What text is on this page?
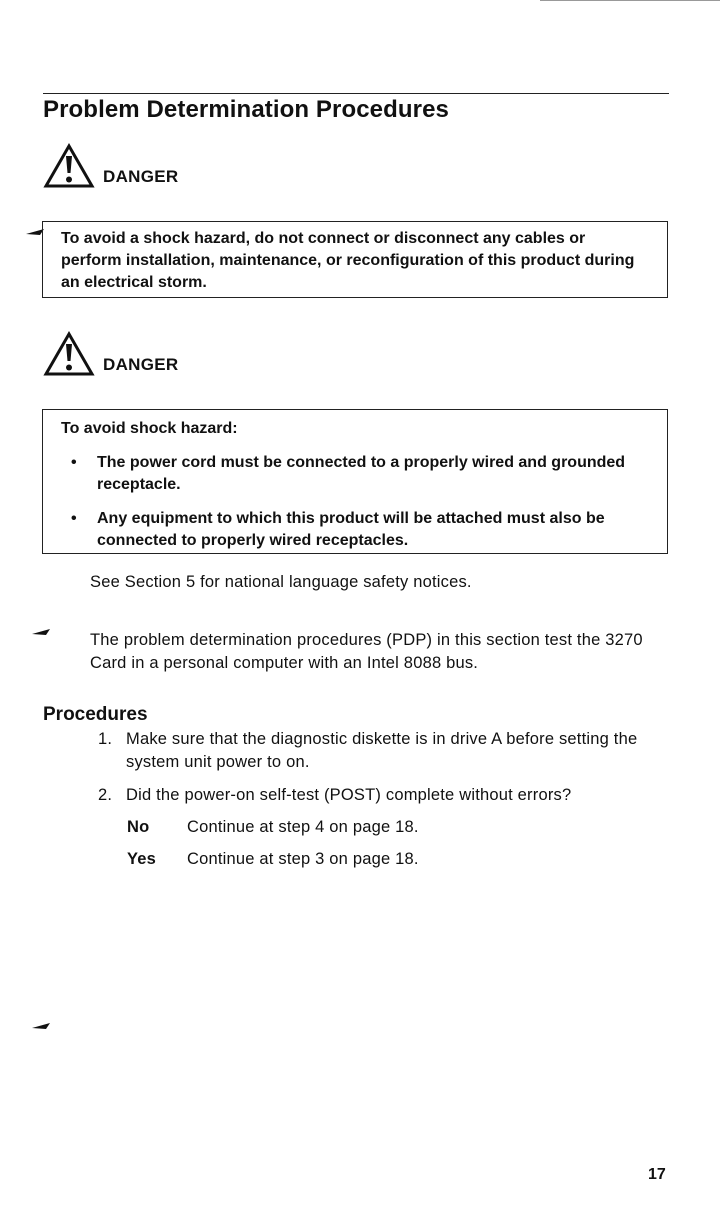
Problem Determination Procedures
DANGER
To avoid a shock hazard, do not connect or disconnect any cables or perform installation, maintenance, or reconfiguration of this product during an electrical storm.
DANGER
To avoid shock hazard:
•	The power cord must be connected to a properly wired and grounded receptacle.
•	Any equipment to which this product will be attached must also be connected to properly wired receptacles.

See Section 5 for national language safety notices.

The problem determination procedures (PDP) in this section test the 3270 Card in a personal computer with an Intel 8088 bus.

Procedures
1. Make sure that the diagnostic diskette is in drive A before setting the system unit power to on.
2. Did the power-on self-test (POST) complete without errors?
No	Continue at step 4 on page 18.
Yes	Continue at step 3 on page 18.
17
